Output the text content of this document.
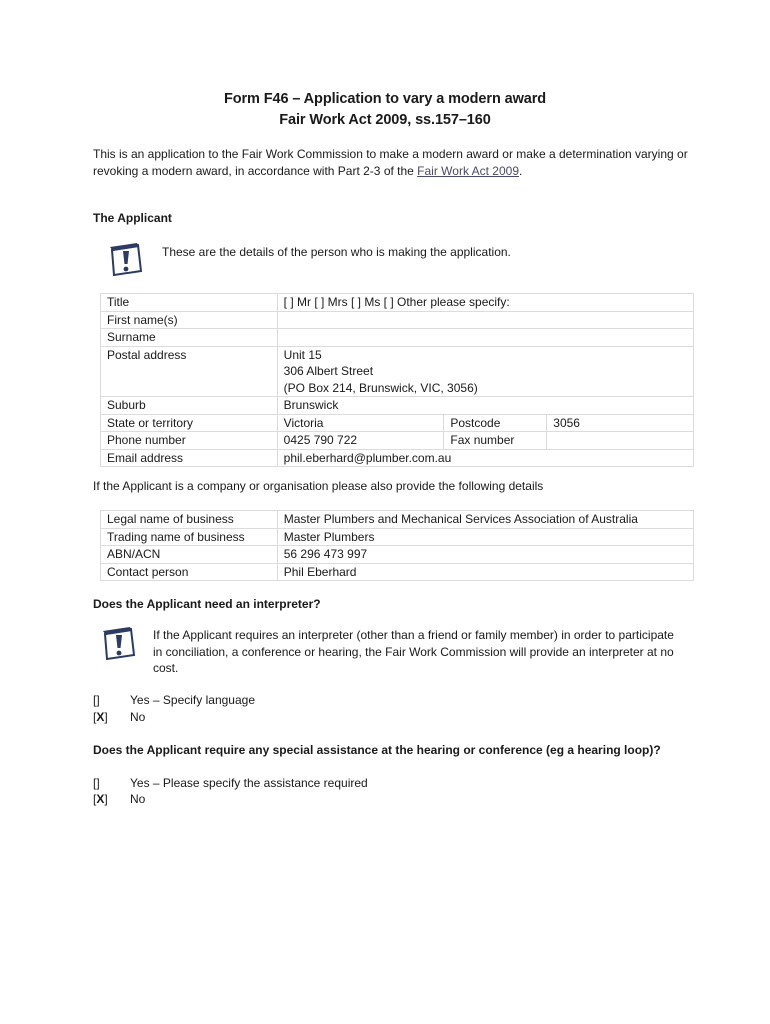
Form F46 – Application to vary a modern award
Fair Work Act 2009, ss.157–160
This is an application to the Fair Work Commission to make a modern award or make a determination varying or revoking a modern award, in accordance with Part 2-3 of the Fair Work Act 2009.
The Applicant
These are the details of the person who is making the application.
Title	[ ] Mr [ ] Mrs [ ] Ms [ ] Other please specify:		
First name(s)			
Surname			
Postal address	Unit 15
306 Albert Street
(PO Box 214, Brunswick, VIC, 3056)		

Suburb	Brunswick		
State or territory	Victoria	Postcode	3056
Phone number	0425 790 722	Fax number	
Email address	phil.eberhard@plumber.com.au		
If the Applicant is a company or organisation please also provide the following details
Legal name of business	Master Plumbers and Mechanical Services Association of Australia
Trading name of business	Master Plumbers
ABN/ACN	56 296 473 997
Contact person	Phil Eberhard
Does the Applicant need an interpreter?
If the Applicant requires an interpreter (other than a friend or family member) in order to participate in conciliation, a conference or hearing, the Fair Work Commission will provide an interpreter at no cost.
[]	Yes – Specify language
[X] No
Does the Applicant require any special assistance at the hearing or conference (eg a hearing loop)?
[]	Yes – Please specify the assistance required
[X] No
